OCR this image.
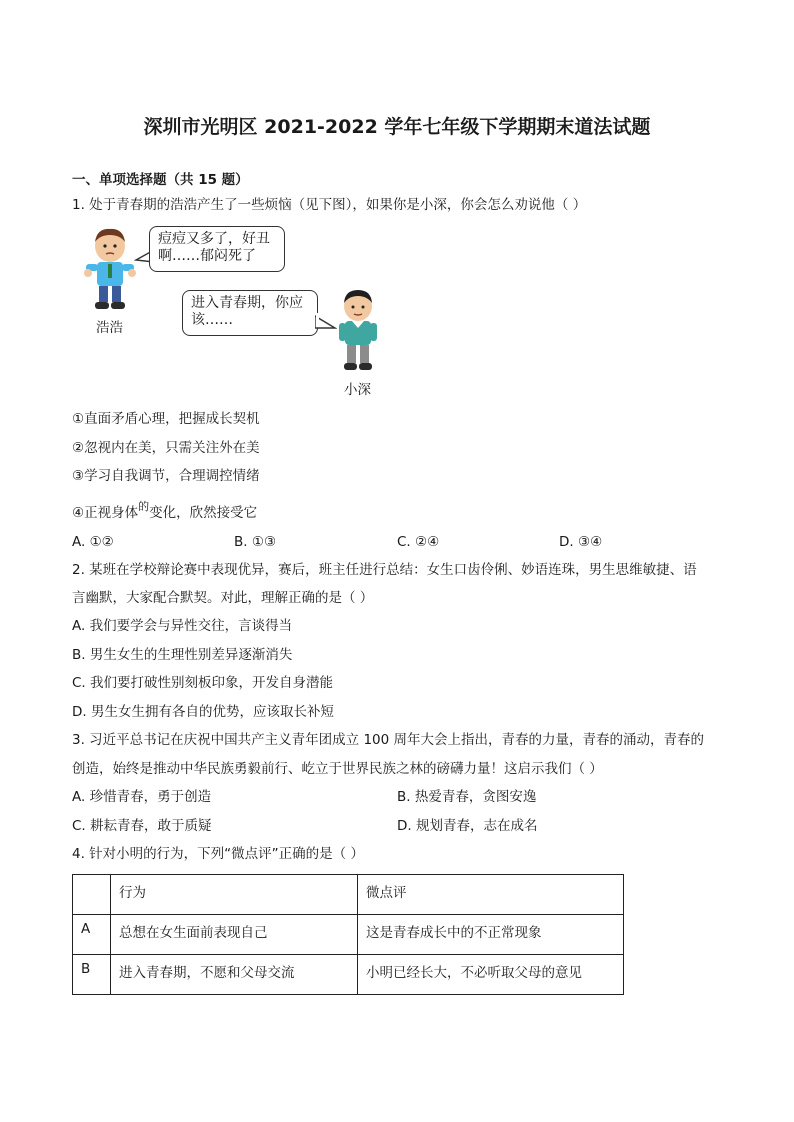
深圳市光明区 2021-2022 学年七年级下学期期末道法试题
一、单项选择题（共 15 题）
1. 处于青春期的浩浩产生了一些烦恼（见下图），如果你是小深，你会怎么劝说他（ ）
浩浩
痘痘又多了，好丑
啊……郁闷死了
进入青春期，你应
该……
小深
①直面矛盾心理，把握成长契机
②忽视内在美，只需关注外在美
③学习自我调节，合理调控情绪
④正视身体$^的$变化，欣然接受它
A. ①②	B. ①③	C. ②④	D. ③④
2. 某班在学校辩论赛中表现优异，赛后，班主任进行总结：女生口齿伶俐、妙语连珠，男生思维敏捷、语
言幽默，大家配合默契。对此，理解正确的是（ ）
A. 我们要学会与异性交往，言谈得当
B. 男生女生的生理性别差异逐渐消失
C. 我们要打破性别刻板印象，开发自身潜能
D. 男生女生拥有各自的优势，应该取长补短
3. 习近平总书记在庆祝中国共产主义青年团成立 100 周年大会上指出，青春的力量，青春的涌动，青春的
创造，始终是推动中华民族勇毅前行、屹立于世界民族之林的磅礴力量！这启示我们（ ）
A. 珍惜青春，勇于创造	B. 热爱青春，贪图安逸
C. 耕耘青春，敢于质疑	D. 规划青春，志在成名
4. 针对小明的行为，下列“微点评”正确的是（ ）
	行为	微点评
A	总想在女生面前表现自己	这是青春成长中的不正常现象
B	进入青春期，不愿和父母交流	小明已经长大，不必听取父母的意见
